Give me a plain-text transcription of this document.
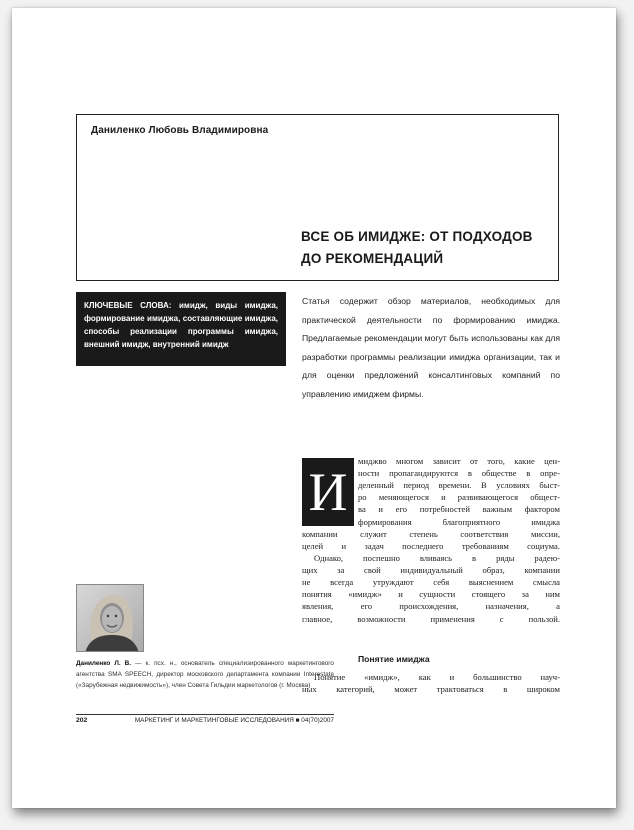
Даниленко Любовь Владимировна
ВСЕ ОБ ИМИДЖЕ: ОТ ПОДХОДОВ
ДО РЕКОМЕНДАЦИЙ
КЛЮЧЕВЫЕ СЛОВА: имидж, виды имиджа, формирование имиджа, составляющие имиджа, способы реализации программы имиджа, внешний имидж, внутренний имидж
Статья содержит обзор материалов, необходимых для практической деятельности по формированию имиджа. Предлагаемые рекомендации могут быть использованы как для разработки программы реализации имиджа организации, так и для оценки предложений консалтинговых компаний по управлению имиджем фирмы.
И
миджво многом зависит от того, какие цен-
ности пропагандируются в обществе в опре-
деленный период времени. В условиях быст-
ро меняющегося и развивающегося общест-
ва и его потребностей важным фактором
формирования благоприятного имиджа
компании служит степень соответствия миссии,
целей и задач последнего требованиям социума.
Однако, поспешно вливаясь в ряды радею-
щих за свой индивидуальный образ, компании
не всегда утруждают себя выяснением смысла
понятия «имидж» и сущности стоящего за ним
явления, его происхождения, назначения, а
главное, возможности применения с пользой.
Понятие «имидж», как и большинство науч-
ных категорий, может трактоваться в широком
Понятие имиджа
Даниленко Л. В. — к. псх. н., основатель специализированного маркетингового агентства SMA SPEECH, директор московского департамента компании Interestate («Зарубежная недвижимость»), член Совета Гильдии маркетологов (г. Москва)
202	МАРКЕТИНГ И МАРКЕТИНГОВЫЕ ИССЛЕДОВАНИЯ ■ 04(70)2007
